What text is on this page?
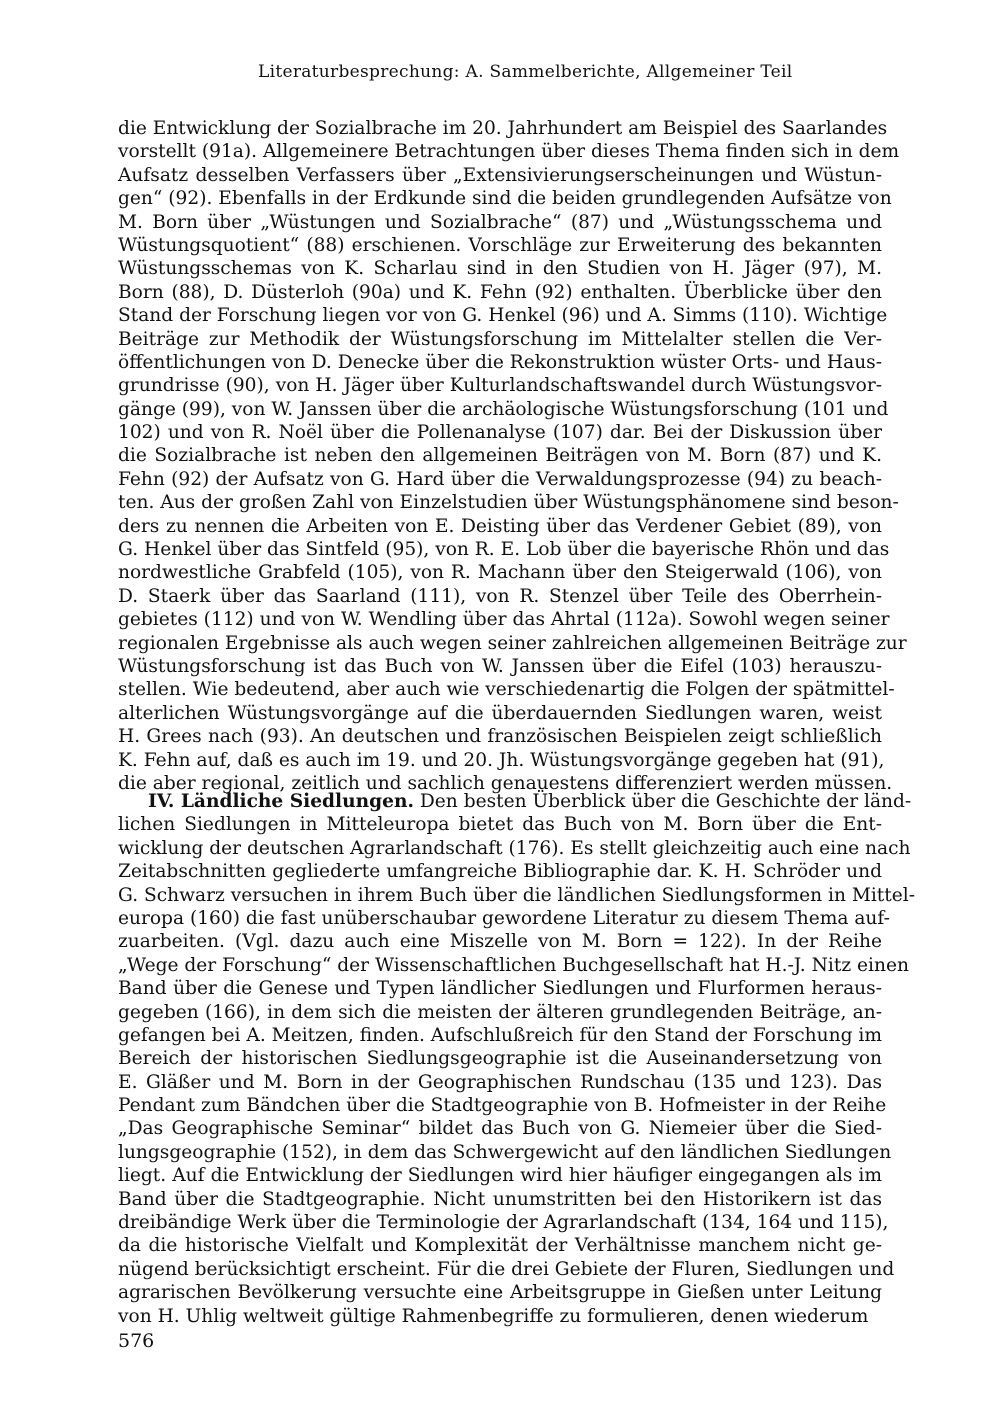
Literaturbesprechung: A. Sammelberichte, Allgemeiner Teil
die Entwicklung der Sozialbrache im 20. Jahrhundert am Beispiel des Saarlandes
vorstellt (91a). Allgemeinere Betrachtungen über dieses Thema finden sich in dem
Aufsatz desselben Verfassers über „Extensivierungserscheinungen und Wüstun-
gen“ (92). Ebenfalls in der Erdkunde sind die beiden grundlegenden Aufsätze von
M. Born über „Wüstungen und Sozialbrache“ (87) und „Wüstungsschema und
Wüstungsquotient“ (88) erschienen. Vorschläge zur Erweiterung des bekannten
Wüstungsschemas von K. Scharlau sind in den Studien von H. Jäger (97), M.
Born (88), D. Düsterloh (90a) und K. Fehn (92) enthalten. Überblicke über den
Stand der Forschung liegen vor von G. Henkel (96) und A. Simms (110). Wichtige
Beiträge zur Methodik der Wüstungsforschung im Mittelalter stellen die Ver-
öffentlichungen von D. Denecke über die Rekonstruktion wüster Orts- und Haus-
grundrisse (90), von H. Jäger über Kulturlandschaftswandel durch Wüstungsvor-
gänge (99), von W. Janssen über die archäologische Wüstungsforschung (101 und
102) und von R. Noël über die Pollenanalyse (107) dar. Bei der Diskussion über
die Sozialbrache ist neben den allgemeinen Beiträgen von M. Born (87) und K.
Fehn (92) der Aufsatz von G. Hard über die Verwaldungsprozesse (94) zu beach-
ten. Aus der großen Zahl von Einzelstudien über Wüstungsphänomene sind beson-
ders zu nennen die Arbeiten von E. Deisting über das Verdener Gebiet (89), von
G. Henkel über das Sintfeld (95), von R. E. Lob über die bayerische Rhön und das
nordwestliche Grabfeld (105), von R. Machann über den Steigerwald (106), von
D. Staerk über das Saarland (111), von R. Stenzel über Teile des Oberrhein-
gebietes (112) und von W. Wendling über das Ahrtal (112a). Sowohl wegen seiner
regionalen Ergebnisse als auch wegen seiner zahlreichen allgemeinen Beiträge zur
Wüstungsforschung ist das Buch von W. Janssen über die Eifel (103) herauszu-
stellen. Wie bedeutend, aber auch wie verschiedenartig die Folgen der spätmittel-
alterlichen Wüstungsvorgänge auf die überdauernden Siedlungen waren, weist
H. Grees nach (93). An deutschen und französischen Beispielen zeigt schließlich
K. Fehn auf, daß es auch im 19. und 20. Jh. Wüstungsvorgänge gegeben hat (91),
die aber regional, zeitlich und sachlich genauestens differenziert werden müssen.
IV. Ländliche Siedlungen. Den besten Überblick über die Geschichte der länd-
lichen Siedlungen in Mitteleuropa bietet das Buch von M. Born über die Ent-
wicklung der deutschen Agrarlandschaft (176). Es stellt gleichzeitig auch eine nach
Zeitabschnitten gegliederte umfangreiche Bibliographie dar. K. H. Schröder und
G. Schwarz versuchen in ihrem Buch über die ländlichen Siedlungsformen in Mittel-
europa (160) die fast unüberschaubar gewordene Literatur zu diesem Thema auf-
zuarbeiten. (Vgl. dazu auch eine Miszelle von M. Born = 122). In der Reihe
„Wege der Forschung“ der Wissenschaftlichen Buchgesellschaft hat H.-J. Nitz einen
Band über die Genese und Typen ländlicher Siedlungen und Flurformen heraus-
gegeben (166), in dem sich die meisten der älteren grundlegenden Beiträge, an-
gefangen bei A. Meitzen, finden. Aufschlußreich für den Stand der Forschung im
Bereich der historischen Siedlungsgeographie ist die Auseinandersetzung von
E. Gläßer und M. Born in der Geographischen Rundschau (135 und 123). Das
Pendant zum Bändchen über die Stadtgeographie von B. Hofmeister in der Reihe
„Das Geographische Seminar“ bildet das Buch von G. Niemeier über die Sied-
lungsgeographie (152), in dem das Schwergewicht auf den ländlichen Siedlungen
liegt. Auf die Entwicklung der Siedlungen wird hier häufiger eingegangen als im
Band über die Stadtgeographie. Nicht unumstritten bei den Historikern ist das
dreibändige Werk über die Terminologie der Agrarlandschaft (134, 164 und 115),
da die historische Vielfalt und Komplexität der Verhältnisse manchem nicht ge-
nügend berücksichtigt erscheint. Für die drei Gebiete der Fluren, Siedlungen und
agrarischen Bevölkerung versuchte eine Arbeitsgruppe in Gießen unter Leitung
von H. Uhlig weltweit gültige Rahmenbegriffe zu formulieren, denen wiederum
576
